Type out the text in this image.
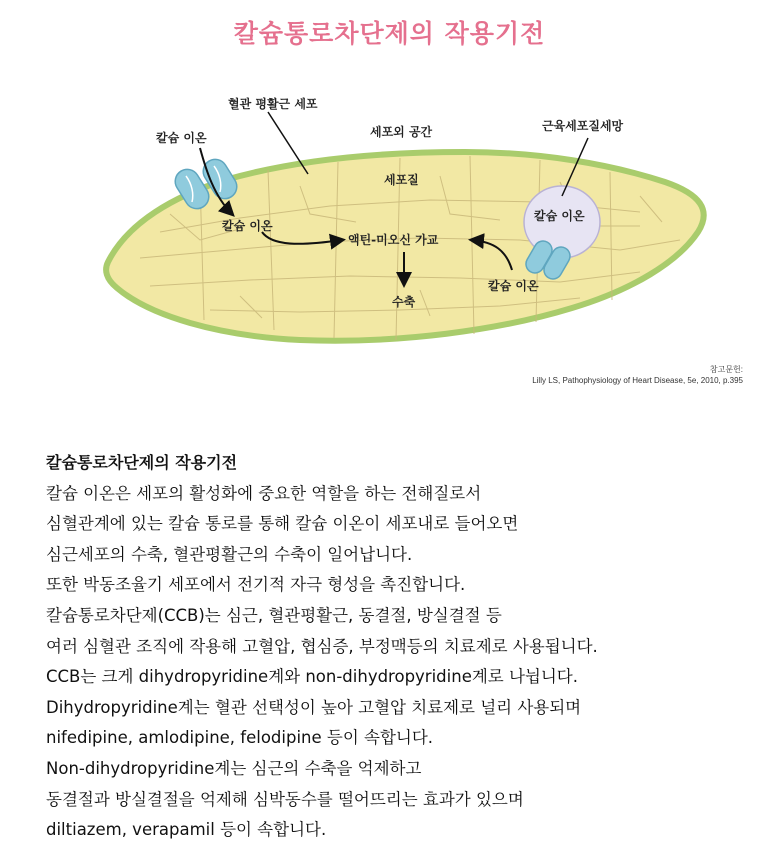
칼슘통로차단제의 작용기전
혈관 평활근 세포
세포외 공간	근육세포질세망
칼슘 이온
세포질
칼슘 이온
칼슘 이온
액틴-미오신 가교
수축
칼슘 이온
참고문헌:
Lilly LS, Pathophysiology of Heart Disease, 5e, 2010, p.395
칼슘통로차단제의 작용기전
칼슘 이온은 세포의 활성화에 중요한 역할을 하는 전해질로서
심혈관계에 있는 칼슘 통로를 통해 칼슘 이온이 세포내로 들어오면
심근세포의 수축, 혈관평활근의 수축이 일어납니다.
또한 박동조율기 세포에서 전기적 자극 형성을 촉진합니다.
칼슘통로차단제(CCB)는 심근, 혈관평활근, 동결절, 방실결절 등
여러 심혈관 조직에 작용해 고혈압, 협심증, 부정맥등의 치료제로 사용됩니다.
CCB는 크게 dihydropyridine계와 non-dihydropyridine계로 나뉩니다.
Dihydropyridine계는 혈관 선택성이 높아 고혈압 치료제로 널리 사용되며
nifedipine, amlodipine, felodipine 등이 속합니다.
Non-dihydropyridine계는 심근의 수축을 억제하고
동결절과 방실결절을 억제해 심박동수를 떨어뜨리는 효과가 있으며
diltiazem, verapamil 등이 속합니다.
